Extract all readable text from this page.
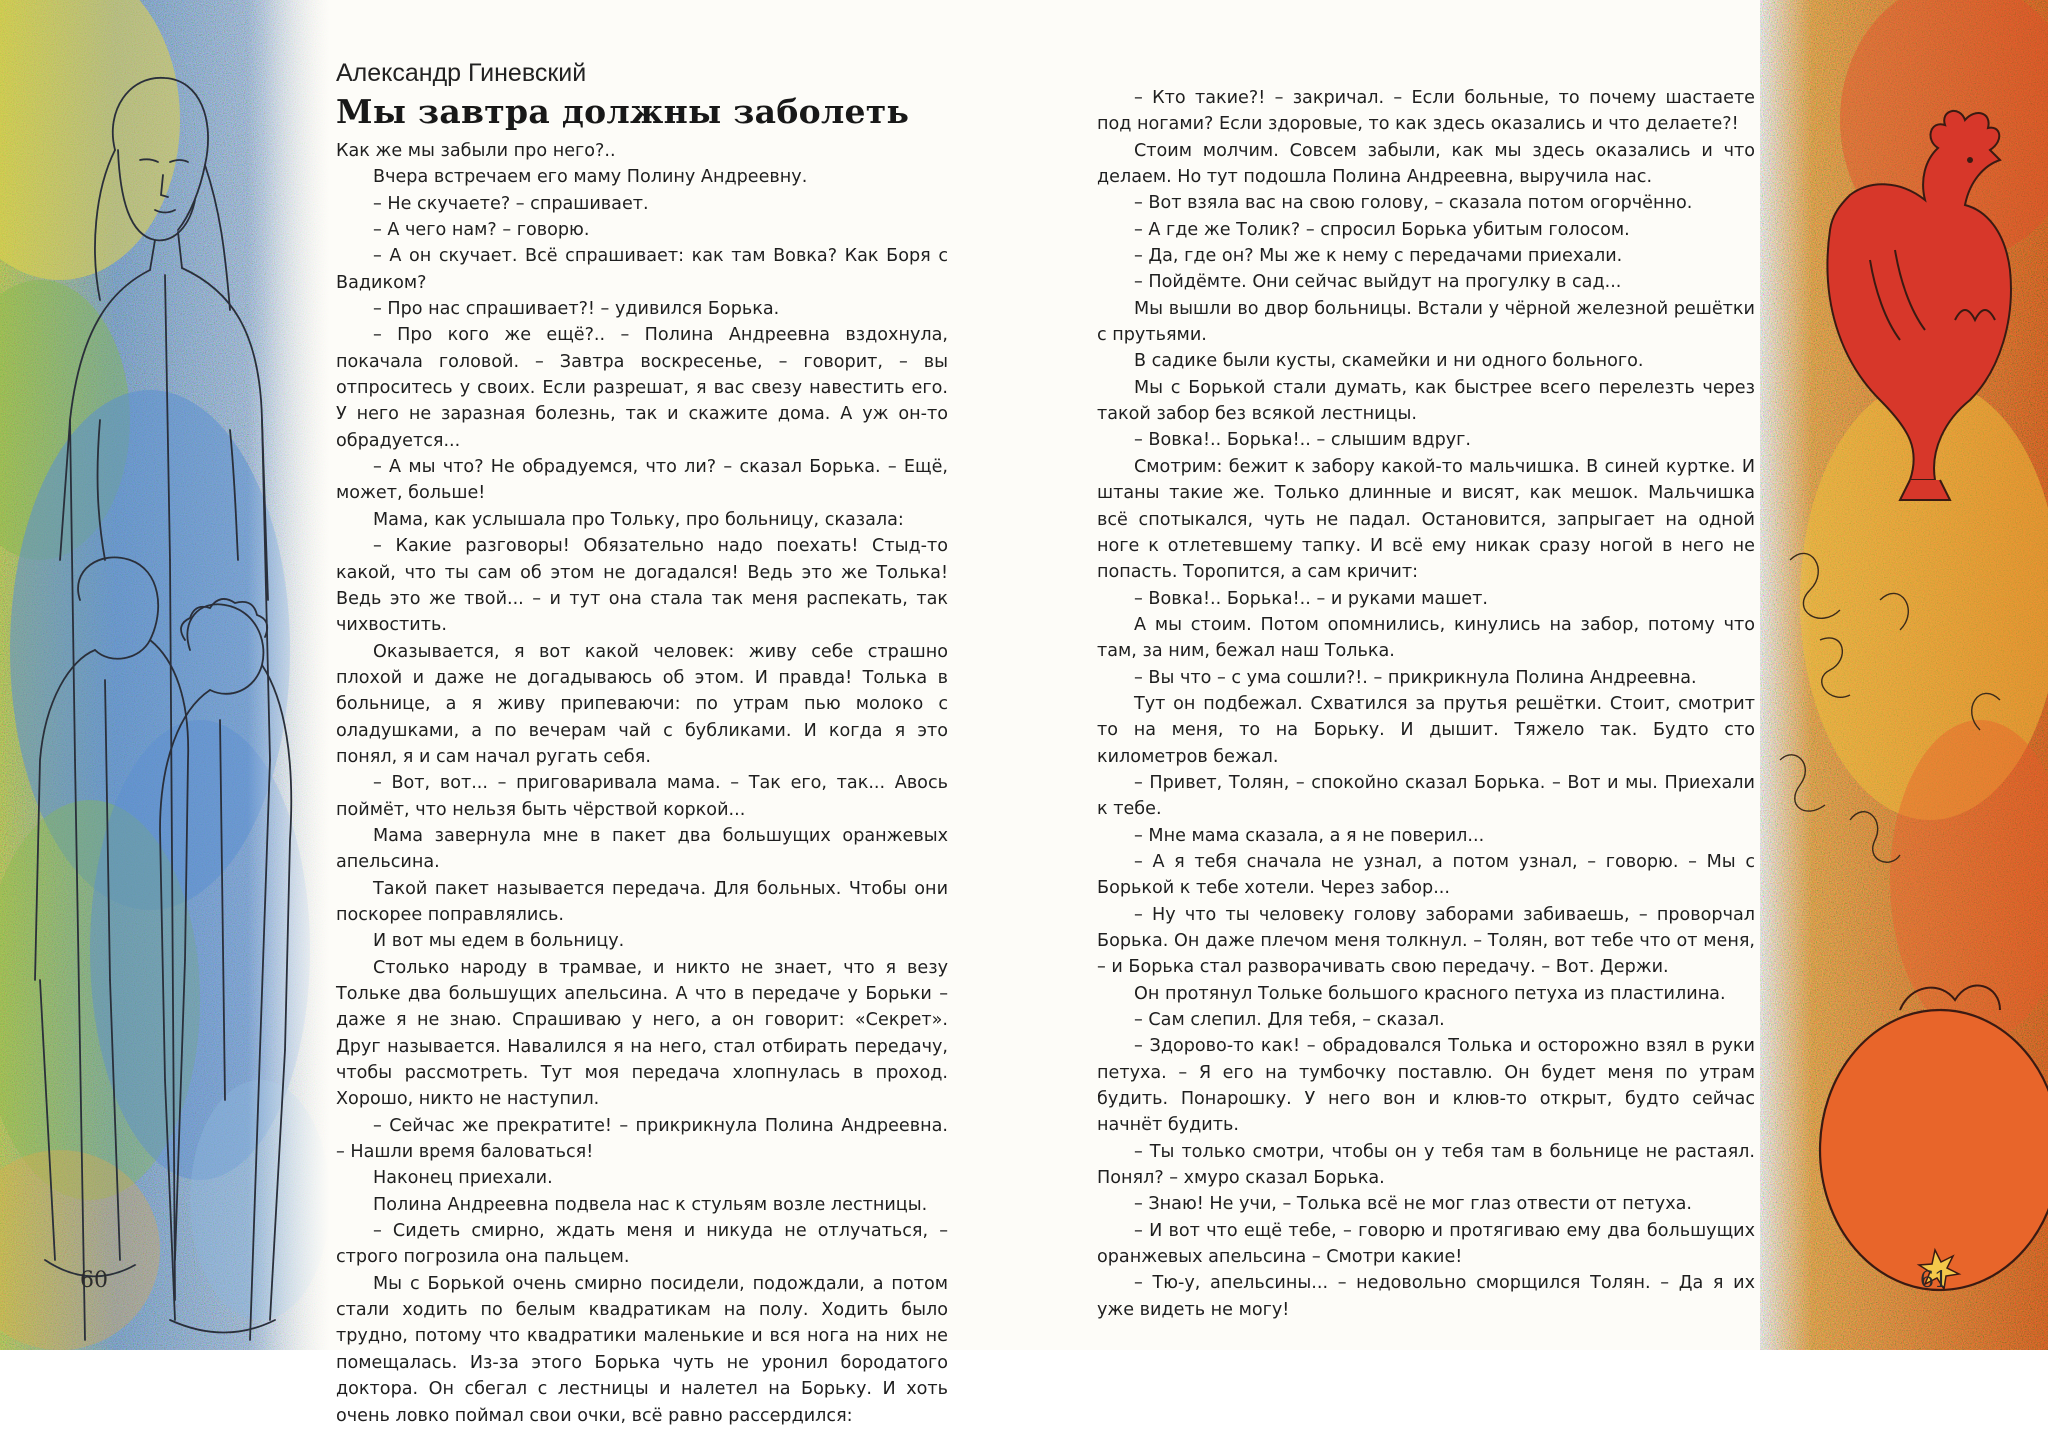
60	61
Александр Гиневский
Мы завтра должны заболеть

Как же мы забыли про него?..

Вчера встречаем его маму Полину Андреевну.

– Не скучаете? – спрашивает.

– А чего нам? – говорю.

– А он скучает. Всё спрашивает: как там Вовка? Как Боря с Вадиком?

– Про нас спрашивает?! – удивился Борька.

– Про кого же ещё?.. – Полина Андреевна вздохнула, покачала головой. – Завтра воскресенье, – говорит, – вы отпроситесь у своих. Если разрешат, я вас свезу навестить его. У него не заразная болезнь, так и скажите дома. А уж он-то обрадуется...

– А мы что? Не обрадуемся, что ли? – сказал Борька. – Ещё, может, больше!

Мама, как услышала про Тольку, про больницу, сказала:

– Какие разговоры! Обязательно надо поехать! Стыд-то какой, что ты сам об этом не догадался! Ведь это же Толька! Ведь это же твой... – и тут она стала так меня распекать, так чихвостить.

Оказывается, я вот какой человек: живу себе страшно плохой и даже не догадываюсь об этом. И правда! Толька в больнице, а я живу припеваючи: по утрам пью молоко с оладушками, а по вечерам чай с бубликами. И когда я это понял, я и сам начал ругать себя.

– Вот, вот... – приговаривала мама. – Так его, так... Авось поймёт, что нельзя быть чёрствой коркой...

Мама завернула мне в пакет два большущих оранжевых апельсина.

Такой пакет называется передача. Для больных. Чтобы они поскорее поправлялись.

И вот мы едем в больницу.

Столько народу в трамвае, и никто не знает, что я везу Тольке два большущих апельсина. А что в передаче у Борьки – даже я не знаю. Спрашиваю у него, а он говорит: «Секрет». Друг называется. Навалился я на него, стал отбирать передачу, чтобы рассмотреть. Тут моя передача хлопнулась в проход. Хорошо, никто не наступил.

– Сейчас же прекратите! – прикрикнула Полина Андреевна. – Нашли время баловаться!

Наконец приехали.

Полина Андреевна подвела нас к стульям возле лестницы.

– Сидеть смирно, ждать меня и никуда не отлучаться, – строго погрозила она пальцем.

Мы с Борькой очень смирно посидели, подождали, а потом стали ходить по белым квадратикам на полу. Ходить было трудно, потому что квадратики маленькие и вся нога на них не помещалась. Из-за этого Борька чуть не уронил бородатого доктора. Он сбегал с лестницы и налетел на Борьку. И хоть очень ловко поймал свои очки, всё равно рассердился:

– Кто такие?! – закричал. – Если больные, то почему шастаете под ногами? Если здоровые, то как здесь оказались и что делаете?!

Стоим молчим. Совсем забыли, как мы здесь оказались и что делаем. Но тут подошла Полина Андреевна, выручила нас.

– Вот взяла вас на свою голову, – сказала потом огорчённо.

– А где же Толик? – спросил Борька убитым голосом.

– Да, где он? Мы же к нему с передачами приехали.

– Пойдёмте. Они сейчас выйдут на прогулку в сад...

Мы вышли во двор больницы. Встали у чёрной железной решётки с прутьями.

В садике были кусты, скамейки и ни одного больного.

Мы с Борькой стали думать, как быстрее всего перелезть через такой забор без всякой лестницы.

– Вовка!.. Борька!.. – слышим вдруг.

Смотрим: бежит к забору какой-то мальчишка. В синей куртке. И штаны такие же. Только длинные и висят, как мешок. Мальчишка всё спотыкался, чуть не падал. Остановится, запрыгает на одной ноге к отлетевшему тапку. И всё ему никак сразу ногой в него не попасть. Торопится, а сам кричит:

– Вовка!.. Борька!.. – и руками машет.

А мы стоим. Потом опомнились, кинулись на забор, потому что там, за ним, бежал наш Толька.

– Вы что – с ума сошли?!. – прикрикнула Полина Андреевна.

Тут он подбежал. Схватился за прутья решётки. Стоит, смотрит то на меня, то на Борьку. И дышит. Тяжело так. Будто сто километров бежал.

– Привет, Толян, – спокойно сказал Борька. – Вот и мы. Приехали к тебе.

– Мне мама сказала, а я не поверил...

– А я тебя сначала не узнал, а потом узнал, – говорю. – Мы с Борькой к тебе хотели. Через забор...

– Ну что ты человеку голову заборами забиваешь, – проворчал Борька. Он даже плечом меня толкнул. – Толян, вот тебе что от меня, – и Борька стал разворачивать свою передачу. – Вот. Держи.

Он протянул Тольке большого красного петуха из пластилина.

– Сам слепил. Для тебя, – сказал.

– Здорово-то как! – обрадовался Толька и осторожно взял в руки петуха. – Я его на тумбочку поставлю. Он будет меня по утрам будить. Понарошку. У него вон и клюв-то открыт, будто сейчас начнёт будить.

– Ты только смотри, чтобы он у тебя там в больнице не растаял. Понял? – хмуро сказал Борька.

– Знаю! Не учи, – Толька всё не мог глаз отвести от петуха.

– И вот что ещё тебе, – говорю и протягиваю ему два большущих оранжевых апельсина – Смотри какие!

– Тю-у, апельсины... – недовольно сморщился Толян. – Да я их уже видеть не могу!
